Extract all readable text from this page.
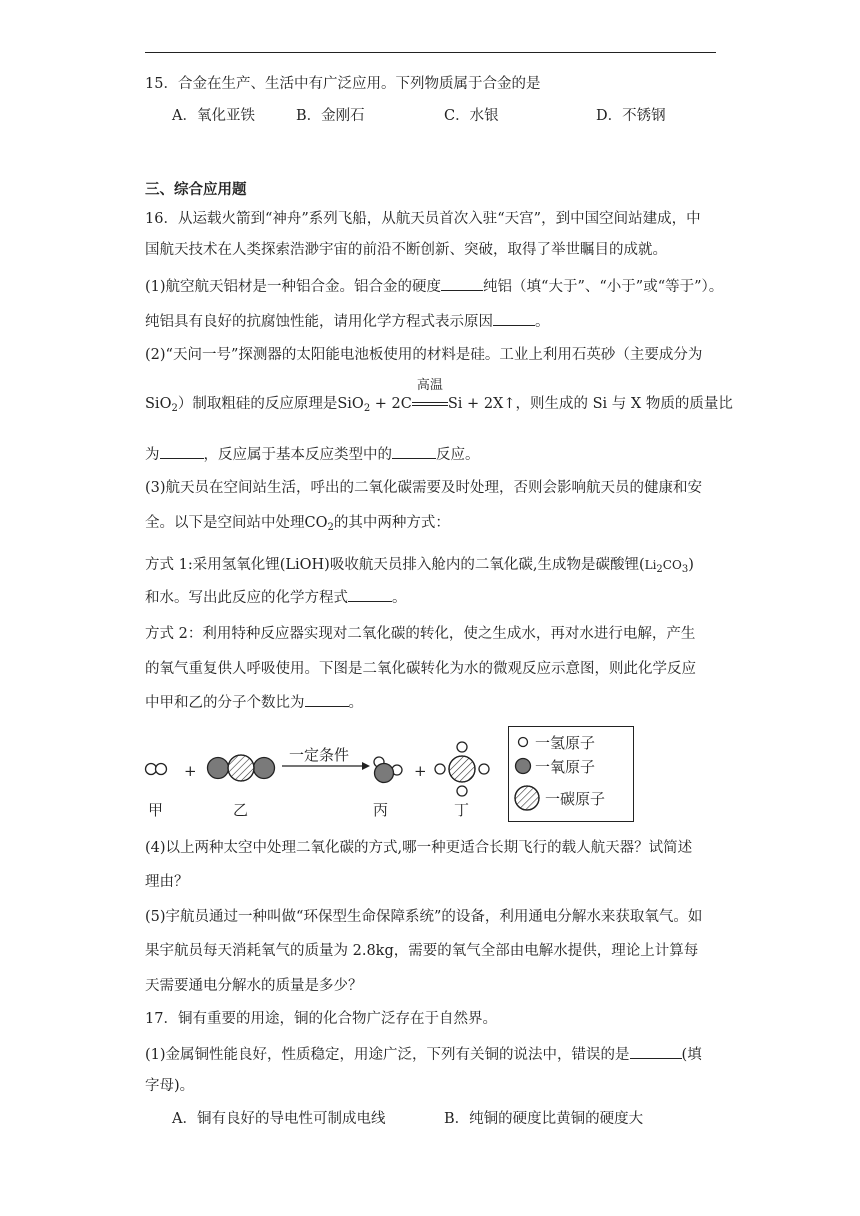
15．合金在生产、生活中有广泛应用。下列物质属于合金的是
A．氧化亚铁	B．金刚石	C．水银	D．不锈钢
三、综合应用题
16．从运载火箭到“神舟”系列飞船，从航天员首次入驻“天宫”，到中国空间站建成，中
国航天技术在人类探索浩渺宇宙的前沿不断创新、突破，取得了举世瞩目的成就。
(1)航空航天铝材是一种铝合金。铝合金的硬度	纯铝（填“大于”、“小于”或“等于”）。
纯铝具有良好的抗腐蚀性能，请用化学方程式表示原因	。
(2)“天问一号”探测器的太阳能电池板使用的材料是硅。工业上利用石英砂（主要成分为
SiO$_2$）制取粗硅的反应原理是SiO$_2$ + 2C
高温
Si + 2X↑，则生成的 Si 与 X 物质的质量比
为	，反应属于基本反应类型中的	反应。
(3)航天员在空间站生活，呼出的二氧化碳需要及时处理，否则会影响航天员的健康和安
全。以下是空间站中处理$CO_2$的其中两种方式：
方式 1:采用氢氧化锂(LiOH)吸收航天员排入舱内的二氧化碳,生成物是碳酸锂$(Li_2CO_3)$
和水。写出此反应的化学方程式	。
方式 2：利用特种反应器实现对二氧化碳的转化，使之生成水，再对水进行电解，产生
的氧气重复供人呼吸使用。下图是二氧化碳转化为水的微观反应示意图，则此化学反应
中甲和乙的分子个数比为	。
+	+
一定条件
甲	乙	丙	丁
一氢原子
一氧原子
一碳原子
(4)以上两种太空中处理二氧化碳的方式,哪一种更适合长期飞行的载人航天器？试简述
理由？
(5)宇航员通过一种叫做“环保型生命保障系统”的设备，利用通电分解水来获取氧气。如
果宇航员每天消耗氧气的质量为 2.8kg，需要的氧气全部由电解水提供，理论上计算每
天需要通电分解水的质量是多少？
17．铜有重要的用途，铜的化合物广泛存在于自然界。
(1)金属铜性能良好，性质稳定，用途广泛，下列有关铜的说法中，错误的是	(填
字母)。
A．铜有良好的导电性可制成电线	B．纯铜的硬度比黄铜的硬度大
